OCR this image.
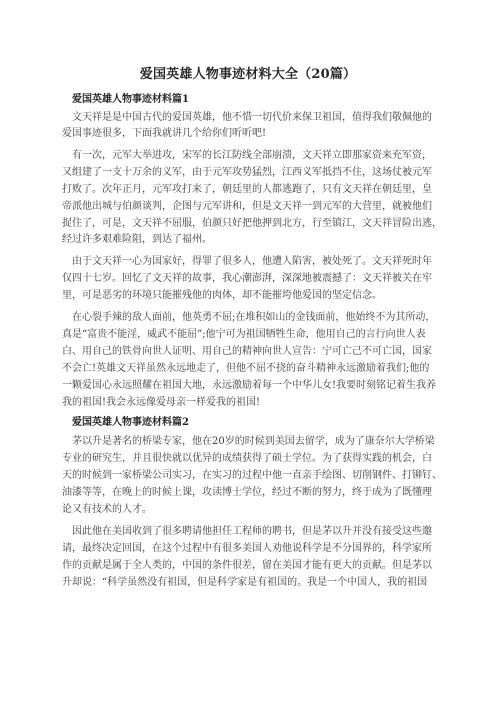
爱国英雄人物事迹材料大全（20篇）
爱国英雄人物事迹材料篇1
文天祥是是中国古代的爱国英雄，他不惜一切代价来保卫祖国，值得我们敬佩他的
爱国事迹很多，下面我就讲几个给你们听听吧!
有一次，元军大举进攻，宋军的长江防线全部崩溃，文天祥立即那家资来充军资，
又组建了一支十万余的义军，由于元军攻势猛烈，江西义军抵挡不住，这场仗被元军
打败了。次年正月，元军攻打来了，朝廷里的人都逃跑了，只有文天祥在朝廷里，皇
帝派他出城与伯颜谈判，企图与元军讲和，但是文天祥一到元军的大营里，就被他们
捉住了，可是，文天祥不屈服，伯颜只好把他押到北方，行至镇江，文天祥冒险出逃，
经过许多艰难险阻，到达了福州。
由于文天祥一心为国家好，得罪了很多人，他遭人陷害，被处死了。文天祥死时年
仅四十七岁。回忆了文天祥的故事，我心潮澎湃，深深地被震撼了：文天祥被关在牢
里，可是恶劣的环境只能摧残他的肉体，却不能摧垮他爱国的坚定信念。
在心裂手辣的敌人面前，他英勇不屈;在堆积如山的金钱面前，他始终不为其所动，
真是“富贵不能淫，威武不能屈”;他宁可为祖国牺牲生命，他用自己的言行向世人表
白、用自己的铁骨向世人证明、用自己的精神向世人宣告：宁可亡己不可亡国，国家
不会亡!英雄文天祥虽然永远地走了，但他不屈不挠的奋斗精神永远激励着我们;他的
一颗爱国心永远照耀在祖国大地，永远激励着每一个中华儿女!我要时刻铭记着生我养
我的祖国!我会永远像爱母亲一样爱我的祖国!
爱国英雄人物事迹材料篇2
茅以升是著名的桥梁专家，他在20岁的时候到美国去留学，成为了康奈尔大学桥梁
专业的研究生，并且很快就以优异的成绩获得了硕士学位。为了获得实践的机会，白
天的时候到一家桥梁公司实习，在实习的过程中他一直亲手绘图、切削钢件、打铆钉、
油漆等等，在晚上的时候上课，攻读博士学位，经过不断的努力，终于成为了既懂理
论又有技术的人才。
因此他在美国收到了很多聘请他担任工程师的聘书，但是茅以升并没有接受这些邀
请，最终决定回国，在这个过程中有很多美国人劝他说科学是不分国界的，科学家所
作的贡献是属于全人类的，中国的条件很差，留在美国才能有更大的贡献。但是茅以
升却说：“科学虽然没有祖国，但是科学家是有祖国的。我是一个中国人，我的祖国
